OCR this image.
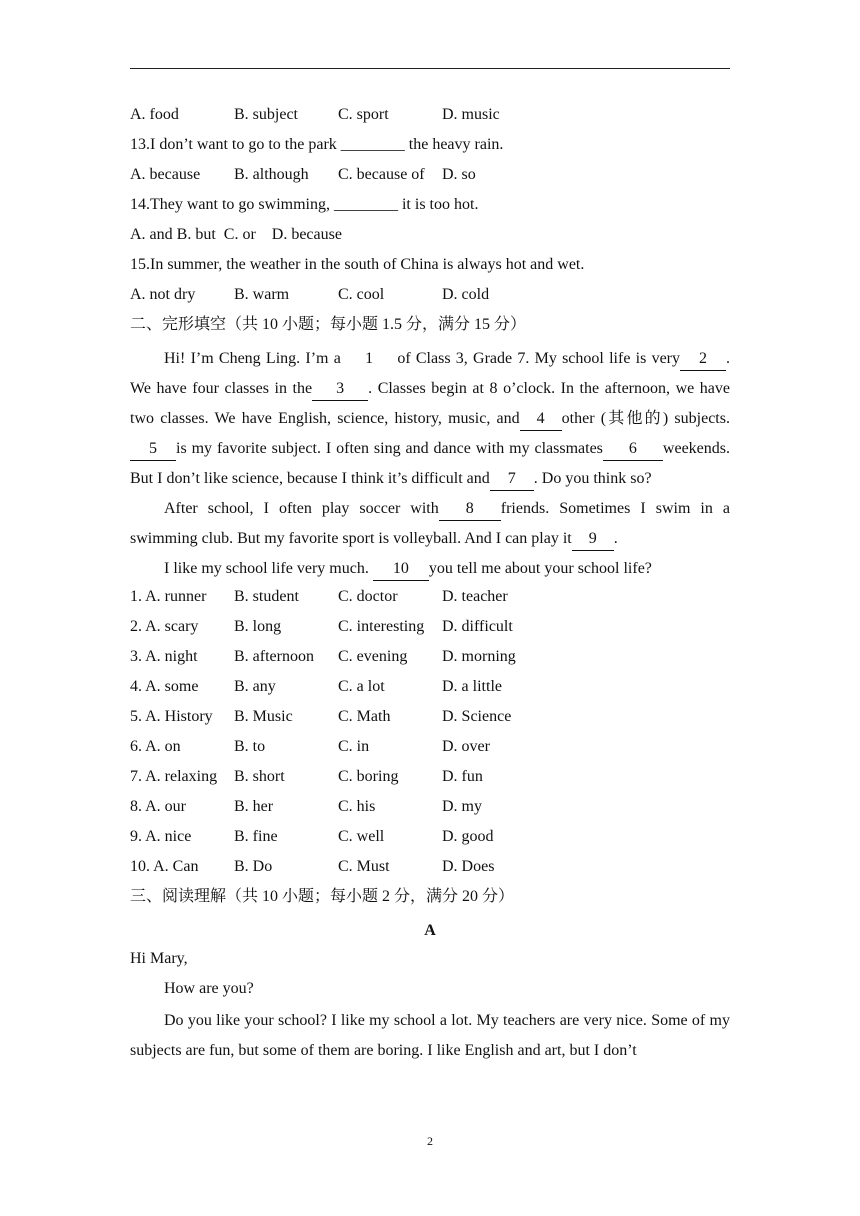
A. food	B. subject	C. sport	D. music
13.I don’t want to go to the park ________ the heavy rain.
A. because	B. although	C. because of	D. so
14.They want to go swimming, ________ it is too hot.
A. and B. but  C. or    D. because
15.In summer, the weather in the south of China is always hot and wet.
A. not dry	B. warm	C. cool	D. cold
二、完形填空（共 10 小题；每小题 1.5 分，满分 15 分）
Hi! I’m Cheng Ling. I’m a 1 of Class 3, Grade 7. My school life is very 2 . We have four classes in the 3 . Classes begin at 8 o’clock. In the afternoon, we have two classes. We have English, science, history, music, and 4 other (其他的) subjects. 5 is my favorite subject. I often sing and dance with my classmates 6 weekends. But I don’t like science, because I think it’s difficult and 7 . Do you think so?
After school, I often play soccer with 8 friends. Sometimes I swim in a swimming club. But my favorite sport is volleyball. And I can play it 9 .
I like my school life very much. 10 you tell me about your school life?
1. A. runner	B. student	C. doctor	D. teacher
2. A. scary	B. long	C. interesting	D. difficult
3. A. night	B. afternoon	C. evening	D. morning
4. A. some	B. any	C. a lot	D. a little
5. A. History	B. Music	C. Math	D. Science
6. A. on	B. to	C. in	D. over
7. A. relaxing	B. short	C. boring	D. fun
8. A. our	B. her	C. his	D. my
9. A. nice	B. fine	C. well	D. good
10. A. Can	B. Do	C. Must	D. Does
三、阅读理解（共 10 小题；每小题 2 分，满分 20 分）
A
Hi Mary,
How are you?
Do you like your school? I like my school a lot. My teachers are very nice. Some of my subjects are fun, but some of them are boring. I like English and art, but I don’t
2
